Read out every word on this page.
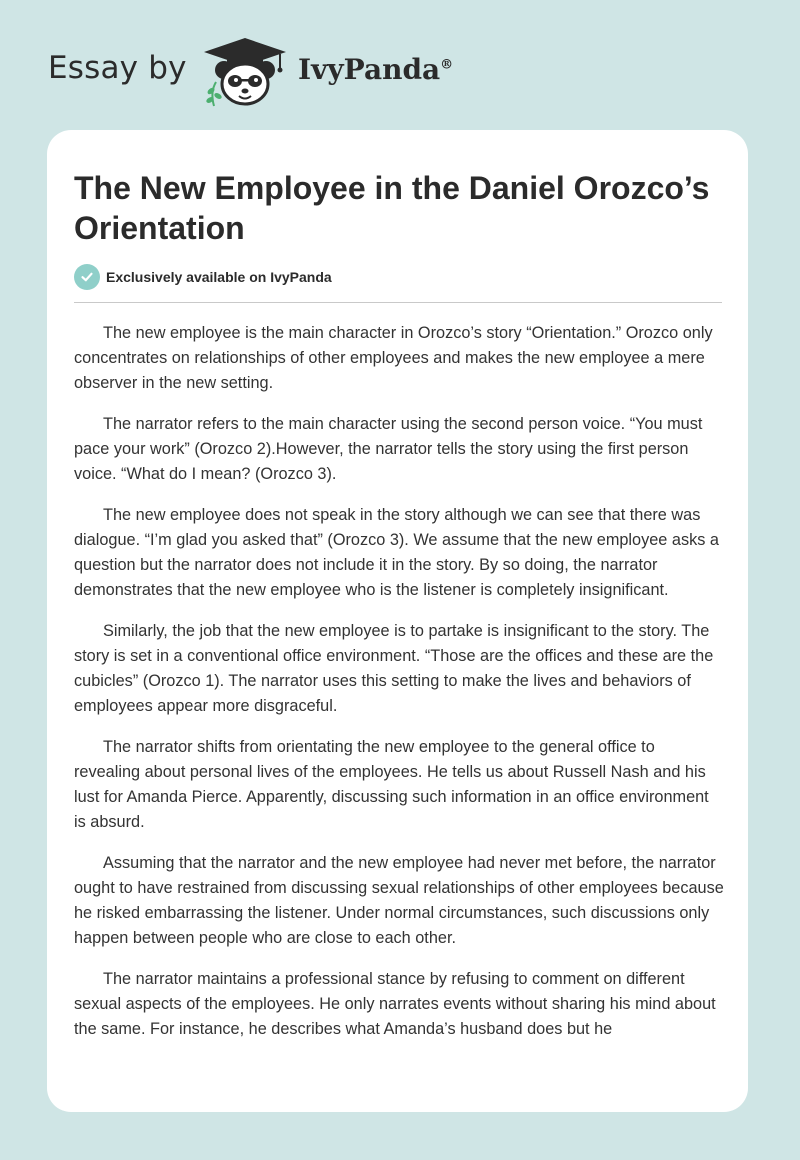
Essay by	IvyPanda®
The New Employee in the Daniel Orozco’s Orientation
Exclusively available on IvyPanda

The new employee is the main character in Orozco’s story “Orientation.” Orozco only concentrates on relationships of other employees and makes the new employee a mere observer in the new setting.

The narrator refers to the main character using the second person voice. “You must pace your work” (Orozco 2).However, the narrator tells the story using the first person voice. “What do I mean? (Orozco 3).

The new employee does not speak in the story although we can see that there was dialogue. “I’m glad you asked that” (Orozco 3). We assume that the new employee asks a question but the narrator does not include it in the story. By so doing, the narrator demonstrates that the new employee who is the listener is completely insignificant.

Similarly, the job that the new employee is to partake is insignificant to the story. The story is set in a conventional office environment. “Those are the offices and these are the cubicles” (Orozco 1). The narrator uses this setting to make the lives and behaviors of employees appear more disgraceful.

The narrator shifts from orientating the new employee to the general office to revealing about personal lives of the employees. He tells us about Russell Nash and his lust for Amanda Pierce. Apparently, discussing such information in an office environment is absurd.

Assuming that the narrator and the new employee had never met before, the narrator ought to have restrained from discussing sexual relationships of other employees because he risked embarrassing the listener. Under normal circumstances, such discussions only happen between people who are close to each other.

The narrator maintains a professional stance by refusing to comment on different sexual aspects of the employees. He only narrates events without sharing his mind about the same. For instance, he describes what Amanda’s husband does but he
